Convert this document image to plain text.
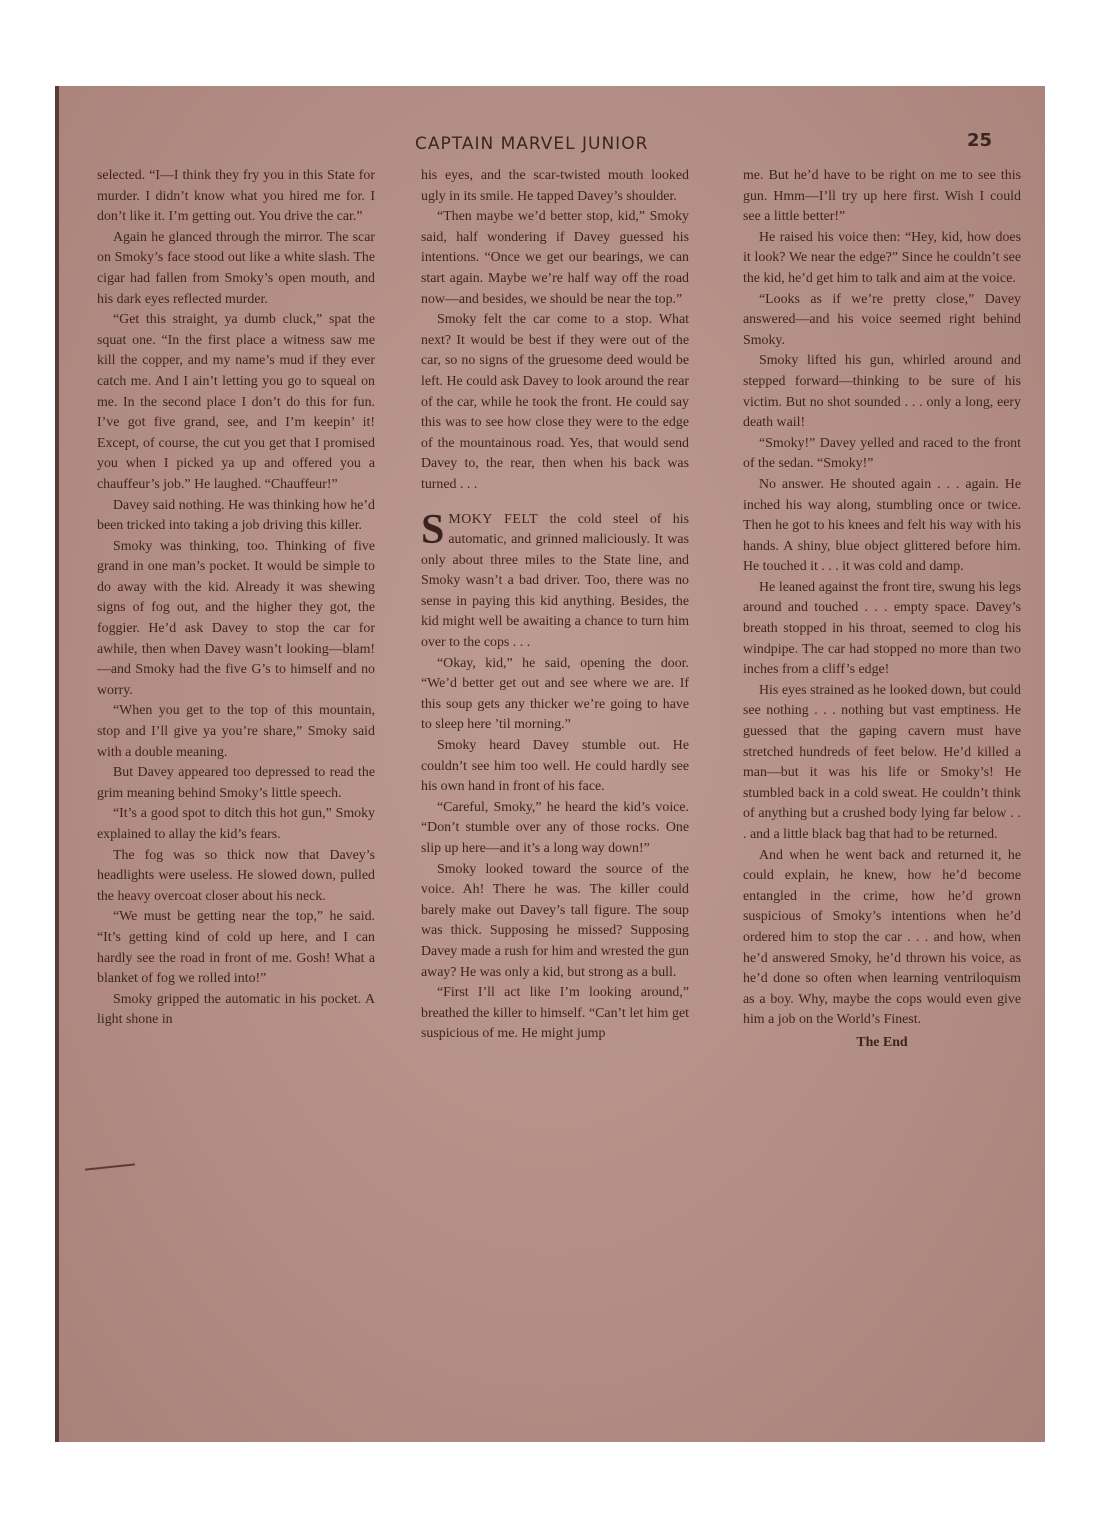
CAPTAIN MARVEL JUNIOR	25

selected. “I—I think they fry you in this State for murder. I didn’t know what you hired me for. I don’t like it. I’m getting out. You drive the car.”

Again he glanced through the mirror. The scar on Smoky’s face stood out like a white slash. The cigar had fallen from Smoky’s open mouth, and his dark eyes reflected murder.

“Get this straight, ya dumb cluck,” spat the squat one. “In the first place a witness saw me kill the copper, and my name’s mud if they ever catch me. And I ain’t letting you go to squeal on me. In the second place I don’t do this for fun. I’ve got five grand, see, and I’m keepin’ it! Except, of course, the cut you get that I promised you when I picked ya up and offered you a chauffeur’s job.” He laughed. “Chauffeur!”

Davey said nothing. He was thinking how he’d been tricked into taking a job driving this killer.

Smoky was thinking, too. Thinking of five grand in one man’s pocket. It would be simple to do away with the kid. Already it was shewing signs of fog out, and the higher they got, the foggier. He’d ask Davey to stop the car for awhile, then when Davey wasn’t looking—blam!—and Smoky had the five G’s to himself and no worry.

“When you get to the top of this mountain, stop and I’ll give ya you’re share,” Smoky said with a double meaning.

But Davey appeared too depressed to read the grim meaning behind Smoky’s little speech.

“It’s a good spot to ditch this hot gun,” Smoky explained to allay the kid’s fears.

The fog was so thick now that Davey’s headlights were useless. He slowed down, pulled the heavy overcoat closer about his neck.

“We must be getting near the top,” he said. “It’s getting kind of cold up here, and I can hardly see the road in front of me. Gosh! What a blanket of fog we rolled into!”

Smoky gripped the automatic in his pocket. A light shone in

his eyes, and the scar-twisted mouth looked ugly in its smile. He tapped Davey’s shoulder.

“Then maybe we’d better stop, kid,” Smoky said, half wondering if Davey guessed his intentions. “Once we get our bearings, we can start again. Maybe we’re half way off the road now—and besides, we should be near the top.”

Smoky felt the car come to a stop. What next? It would be best if they were out of the car, so no signs of the gruesome deed would be left. He could ask Davey to look around the rear of the car, while he took the front. He could say this was to see how close they were to the edge of the mountainous road. Yes, that would send Davey to, the rear, then when his back was turned . . .

SMOKY FELT the cold steel of his automatic, and grinned maliciously. It was only about three miles to the State line, and Smoky wasn’t a bad driver. Too, there was no sense in paying this kid anything. Besides, the kid might well be awaiting a chance to turn him over to the cops . . .

“Okay, kid,” he said, opening the door. “We’d better get out and see where we are. If this soup gets any thicker we’re going to have to sleep here ’til morning.”

Smoky heard Davey stumble out. He couldn’t see him too well. He could hardly see his own hand in front of his face.

“Careful, Smoky,” he heard the kid’s voice. “Don’t stumble over any of those rocks. One slip up here—and it’s a long way down!”

Smoky looked toward the source of the voice. Ah! There he was. The killer could barely make out Davey’s tall figure. The soup was thick. Supposing he missed? Supposing Davey made a rush for him and wrested the gun away? He was only a kid, but strong as a bull.

“First I’ll act like I’m looking around,” breathed the killer to himself. “Can’t let him get suspicious of me. He might jump

me. But he’d have to be right on me to see this gun. Hmm—I’ll try up here first. Wish I could see a little better!”

He raised his voice then: “Hey, kid, how does it look? We near the edge?” Since he couldn’t see the kid, he’d get him to talk and aim at the voice.

“Looks as if we’re pretty close,” Davey answered—and his voice seemed right behind Smoky.

Smoky lifted his gun, whirled around and stepped forward—thinking to be sure of his victim. But no shot sounded . . . only a long, eery death wail!

“Smoky!” Davey yelled and raced to the front of the sedan. “Smoky!”

No answer. He shouted again . . . again. He inched his way along, stumbling once or twice. Then he got to his knees and felt his way with his hands. A shiny, blue object glittered before him. He touched it . . . it was cold and damp.

He leaned against the front tire, swung his legs around and touched . . . empty space. Davey’s breath stopped in his throat, seemed to clog his windpipe. The car had stopped no more than two inches from a cliff’s edge!

His eyes strained as he looked down, but could see nothing . . . nothing but vast emptiness. He guessed that the gaping cavern must have stretched hundreds of feet below. He’d killed a man—but it was his life or Smoky’s! He stumbled back in a cold sweat. He couldn’t think of anything but a crushed body lying far below . . . and a little black bag that had to be returned.

And when he went back and returned it, he could explain, he knew, how he’d become entangled in the crime, how he’d grown suspicious of Smoky’s intentions when he’d ordered him to stop the car . . . and how, when he’d answered Smoky, he’d thrown his voice, as he’d done so often when learning ventriloquism as a boy. Why, maybe the cops would even give him a job on the World’s Finest.

The End
